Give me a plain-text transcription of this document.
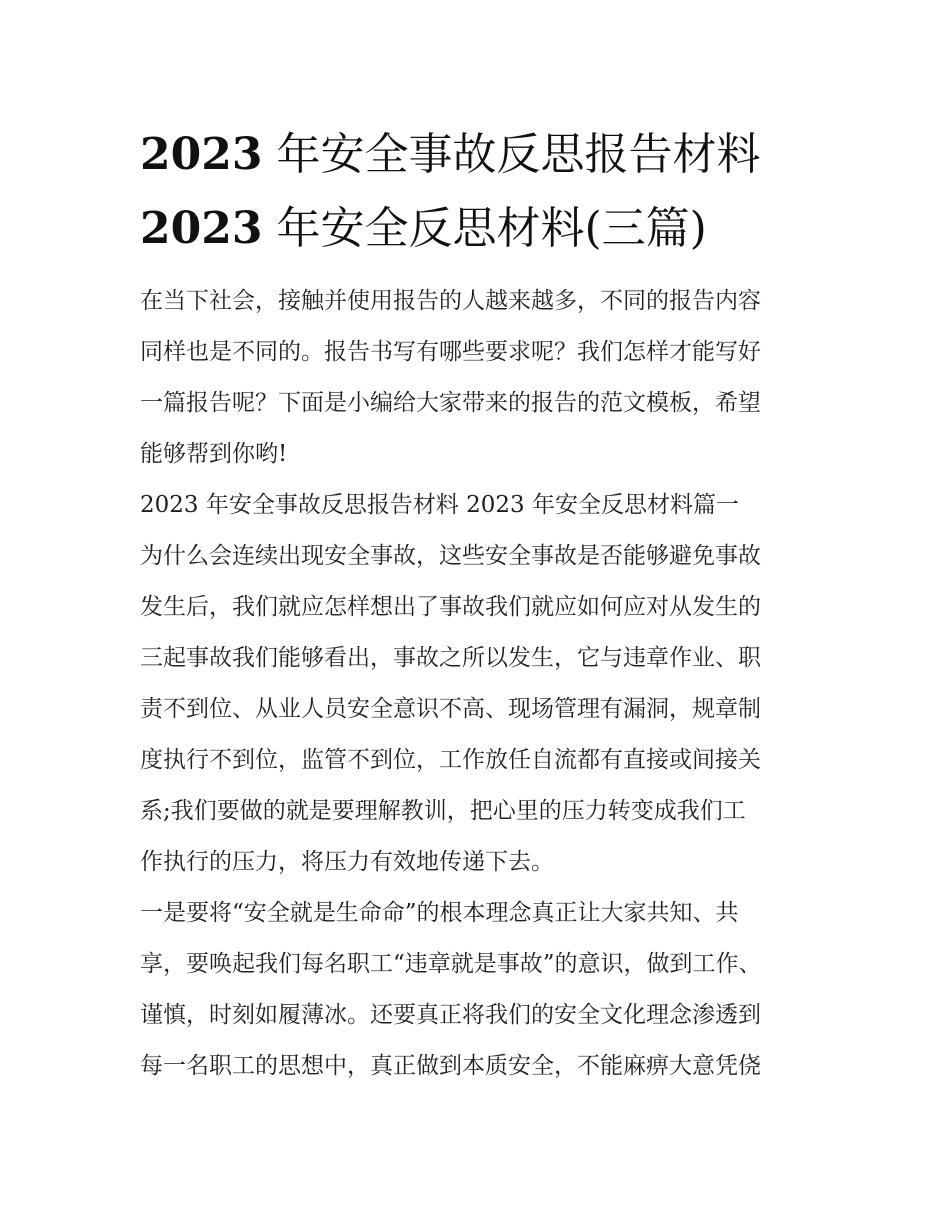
2023 年安全事故反思报告材料
2023 年安全反思材料(三篇)
在当下社会，接触并使用报告的人越来越多，不同的报告内容
同样也是不同的。报告书写有哪些要求呢？我们怎样才能写好
一篇报告呢？下面是小编给大家带来的报告的范文模板，希望
能够帮到你哟!
2023 年安全事故反思报告材料 2023 年安全反思材料篇一
为什么会连续出现安全事故，这些安全事故是否能够避免事故
发生后，我们就应怎样想出了事故我们就应如何应对从发生的
三起事故我们能够看出，事故之所以发生，它与违章作业、职
责不到位、从业人员安全意识不高、现场管理有漏洞，规章制
度执行不到位，监管不到位，工作放任自流都有直接或间接关
系;我们要做的就是要理解教训，把心里的压力转变成我们工
作执行的压力，将压力有效地传递下去。
一是要将“安全就是生命命”的根本理念真正让大家共知、共
享，要唤起我们每名职工“违章就是事故”的意识，做到工作、
谨慎，时刻如履薄冰。还要真正将我们的安全文化理念渗透到
每一名职工的思想中，真正做到本质安全，不能麻痹大意凭侥
